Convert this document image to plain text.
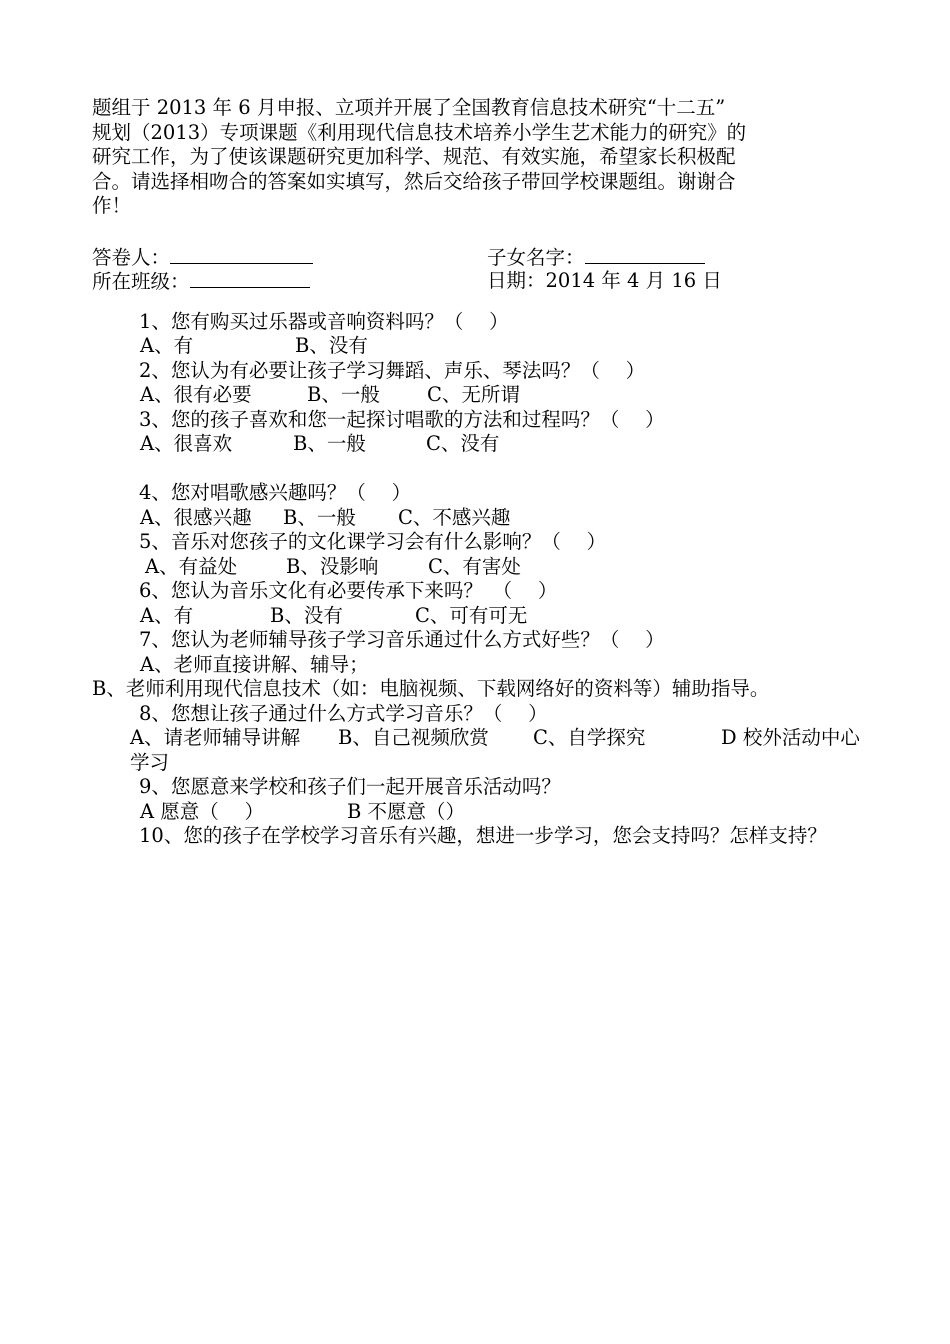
题组于 2013 年 6 月申报、立项并开展了全国教育信息技术研究“十二五”

规划（2013）专项课题《利用现代信息技术培养小学生艺术能力的研究》的

研究工作，为了使该课题研究更加科学、规范、有效实施，希望家长积极配

合。请选择相吻合的答案如实填写，然后交给孩子带回学校课题组。谢谢合

作！

答卷人：	子女名字：
所在班级：	日期：2014 年 4 月 16 日
1、您有购买过乐器或音响资料吗？（　 ）
A、有	B、没有
2、您认为有必要让孩子学习舞蹈、声乐、琴法吗？（　 ）
A、很有必要	B、一般 C、无所谓
3、您的孩子喜欢和您一起探讨唱歌的方法和过程吗？（　 ）
A、很喜欢	B、一般	C、没有
4、您对唱歌感兴趣吗？（　 ）
A、很感兴趣 B、一般 C、不感兴趣
5、音乐对您孩子的文化课学习会有什么影响？（　 ）
A、有益处	B、没影响	C、有害处
6、您认为音乐文化有必要传承下来吗？　（　 ）
A、有	B、没有	C、可有可无
7、您认为老师辅导孩子学习音乐通过什么方式好些？（　 ）
A、老师直接讲解、辅导；
B、老师利用现代信息技术（如：电脑视频、下载网络好的资料等）辅助指导。
8、您想让孩子通过什么方式学习音乐？（　 ）
A、请老师辅导讲解 B、自己视频欣赏 C、自学探究	D 校外活动中心学习
9、您愿意来学校和孩子们一起开展音乐活动吗？
A 愿意（　 ）	B 不愿意（）
10、您的孩子在学校学习音乐有兴趣，想进一步学习，您会支持吗？怎样支持？
